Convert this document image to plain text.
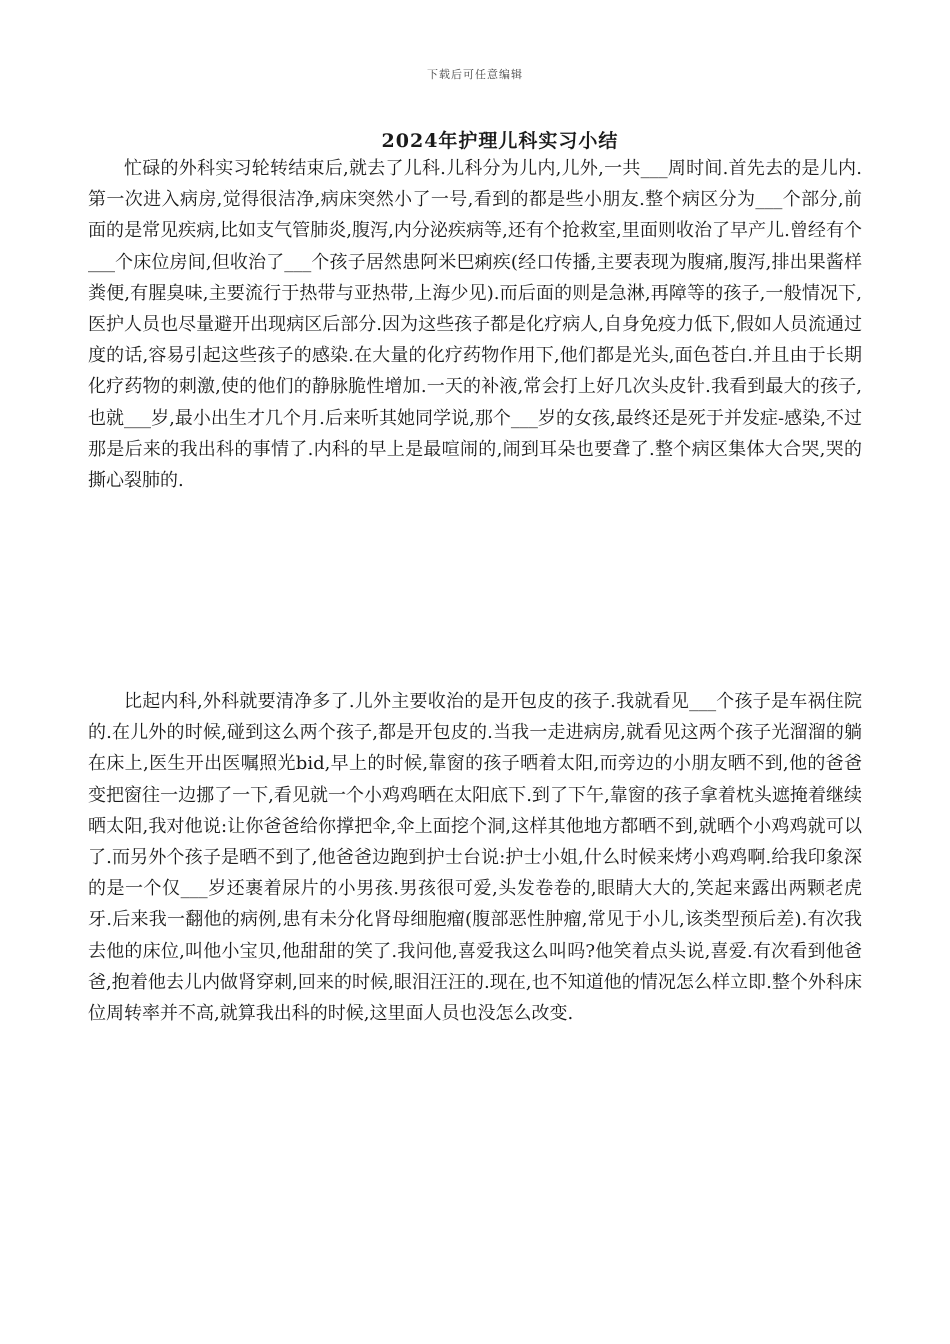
下载后可任意编辑
2024年护理儿科实习小结

忙碌的外科实习轮转结束后,就去了儿科.儿科分为儿内,儿外,一共___周时间.首先去的是儿内.第一次进入病房,觉得很洁净,病床突然小了一号,看到的都是些小朋友.整个病区分为___个部分,前面的是常见疾病,比如支气管肺炎,腹泻,内分泌疾病等,还有个抢救室,里面则收治了早产儿.曾经有个___个床位房间,但收治了___个孩子居然患阿米巴痢疾(经口传播,主要表现为腹痛,腹泻,排出果酱样粪便,有腥臭味,主要流行于热带与亚热带,上海少见).而后面的则是急淋,再障等的孩子,一般情况下,医护人员也尽量避开出现病区后部分.因为这些孩子都是化疗病人,自身免疫力低下,假如人员流通过度的话,容易引起这些孩子的感染.在大量的化疗药物作用下,他们都是光头,面色苍白.并且由于长期化疗药物的刺激,使的他们的静脉脆性增加.一天的补液,常会打上好几次头皮针.我看到最大的孩子,也就___岁,最小出生才几个月.后来听其她同学说,那个___岁的女孩,最终还是死于并发症-感染,不过那是后来的我出科的事情了.内科的早上是最喧闹的,闹到耳朵也要聋了.整个病区集体大合哭,哭的撕心裂肺的.

比起内科,外科就要清净多了.儿外主要收治的是开包皮的孩子.我就看见___个孩子是车祸住院的.在儿外的时候,碰到这么两个孩子,都是开包皮的.当我一走进病房,就看见这两个孩子光溜溜的躺在床上,医生开出医嘱照光bid,早上的时候,靠窗的孩子晒着太阳,而旁边的小朋友晒不到,他的爸爸变把窗往一边挪了一下,看见就一个小鸡鸡晒在太阳底下.到了下午,靠窗的孩子拿着枕头遮掩着继续晒太阳,我对他说:让你爸爸给你撑把伞,伞上面挖个洞,这样其他地方都晒不到,就晒个小鸡鸡就可以了.而另外个孩子是晒不到了,他爸爸边跑到护士台说:护士小姐,什么时候来烤小鸡鸡啊.给我印象深的是一个仅___岁还裹着尿片的小男孩.男孩很可爱,头发卷卷的,眼睛大大的,笑起来露出两颗老虎牙.后来我一翻他的病例,患有未分化肾母细胞瘤(腹部恶性肿瘤,常见于小儿,该类型预后差).有次我去他的床位,叫他小宝贝,他甜甜的笑了.我问他,喜爱我这么叫吗?他笑着点头说,喜爱.有次看到他爸爸,抱着他去儿内做肾穿刺,回来的时候,眼泪汪汪的.现在,也不知道他的情况怎么样立即.整个外科床位周转率并不高,就算我出科的时候,这里面人员也没怎么改变.
